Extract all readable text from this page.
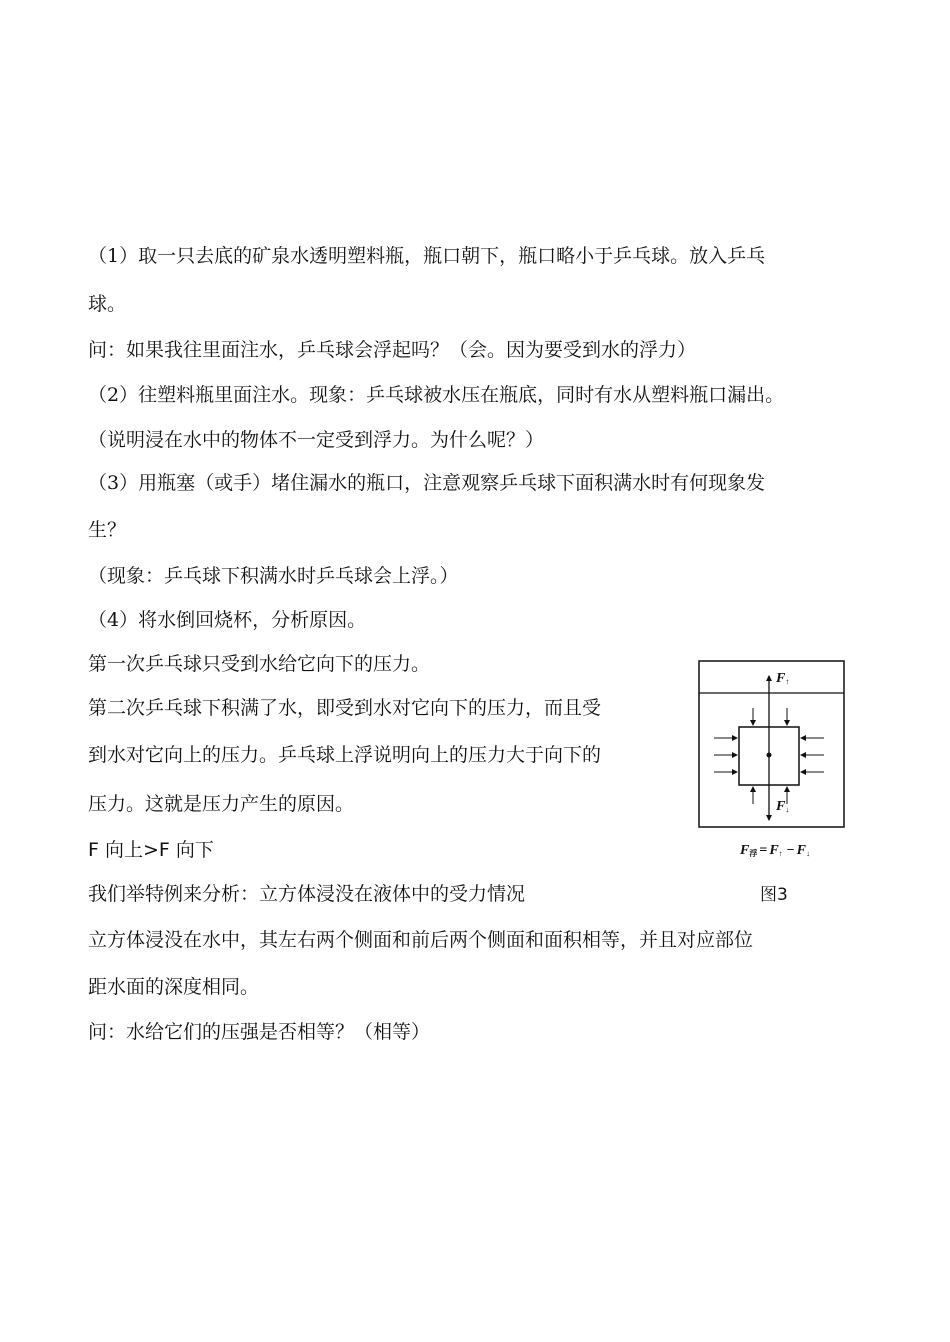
（1）取一只去底的矿泉水透明塑料瓶，瓶口朝下，瓶口略小于乒乓球。放入乒乓

球。

问：如果我往里面注水，乒乓球会浮起吗？（会。因为要受到水的浮力）

（2）往塑料瓶里面注水。现象：乒乓球被水压在瓶底，同时有水从塑料瓶口漏出。

（说明浸在水中的物体不一定受到浮力。为什么呢？）

（3）用瓶塞（或手）堵住漏水的瓶口，注意观察乒乓球下面积满水时有何现象发

生？

（现象：乒乓球下积满水时乒乓球会上浮。）

（4）将水倒回烧杯，分析原因。

第一次乒乓球只受到水给它向下的压力。

第二次乒乓球下积满了水，即受到水对它向下的压力，而且受
到水对它向上的压力。乒乓球上浮说明向上的压力大于向下的
压力。这就是压力产生的原因。

F 向上>F 向下

我们举特例来分析：立方体浸没在液体中的受力情况

立方体浸没在水中，其左右两个侧面和前后两个侧面和面积相等，并且对应部位

距水面的深度相同。

问：水给它们的压强是否相等？（相等）

F↑
F↓
F浮 = F↑ − F↓
图3
